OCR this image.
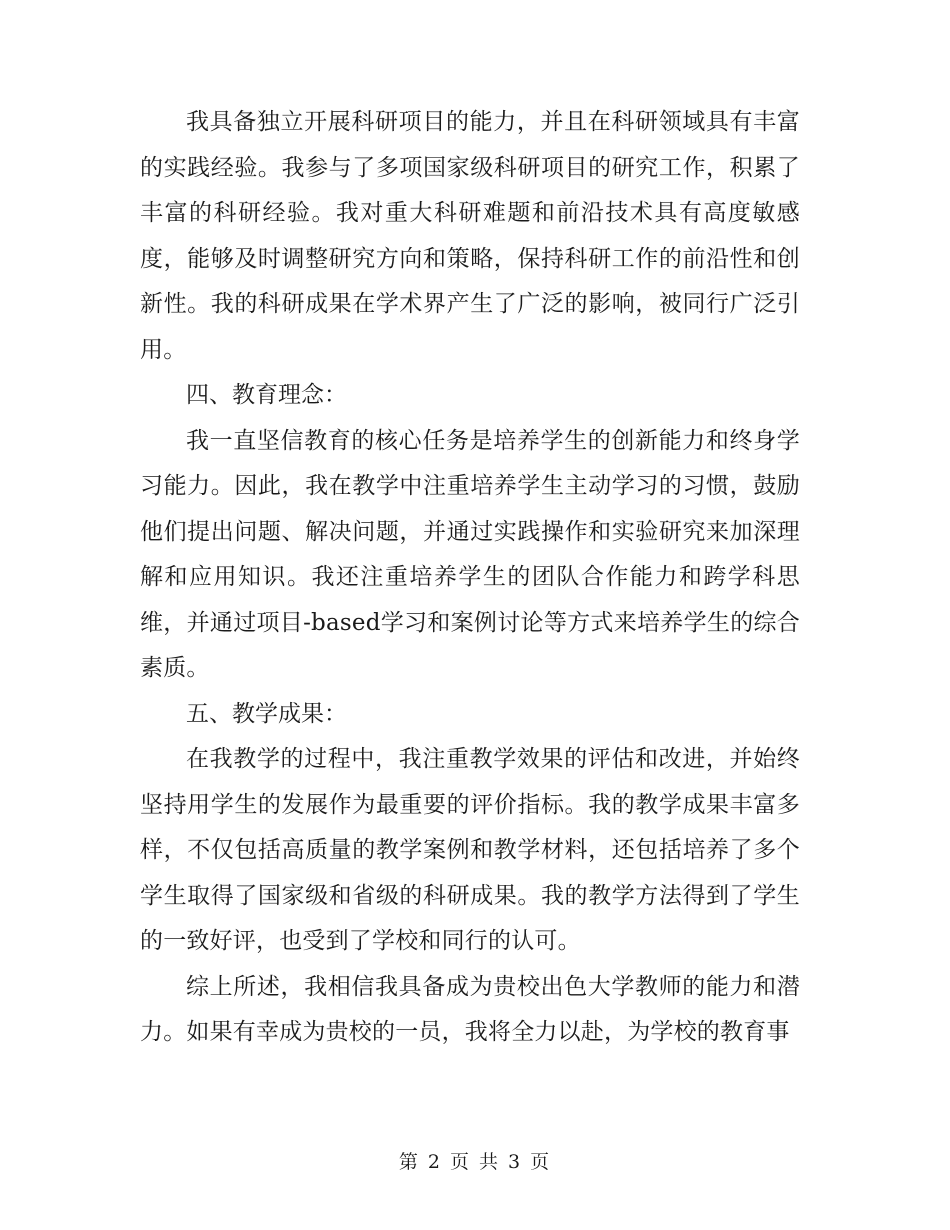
我具备独立开展科研项目的能力，并且在科研领域具有丰富的实践经验。我参与了多项国家级科研项目的研究工作，积累了丰富的科研经验。我对重大科研难题和前沿技术具有高度敏感度，能够及时调整研究方向和策略，保持科研工作的前沿性和创新性。我的科研成果在学术界产生了广泛的影响，被同行广泛引用。

四、教育理念：

我一直坚信教育的核心任务是培养学生的创新能力和终身学习能力。因此，我在教学中注重培养学生主动学习的习惯，鼓励他们提出问题、解决问题，并通过实践操作和实验研究来加深理解和应用知识。我还注重培养学生的团队合作能力和跨学科思维，并通过项目-based学习和案例讨论等方式来培养学生的综合素质。

五、教学成果：

在我教学的过程中，我注重教学效果的评估和改进，并始终坚持用学生的发展作为最重要的评价指标。我的教学成果丰富多样，不仅包括高质量的教学案例和教学材料，还包括培养了多个学生取得了国家级和省级的科研成果。我的教学方法得到了学生的一致好评，也受到了学校和同行的认可。

综上所述，我相信我具备成为贵校出色大学教师的能力和潜力。如果有幸成为贵校的一员，我将全力以赴，为学校的教育事

第 2 页 共 3 页
